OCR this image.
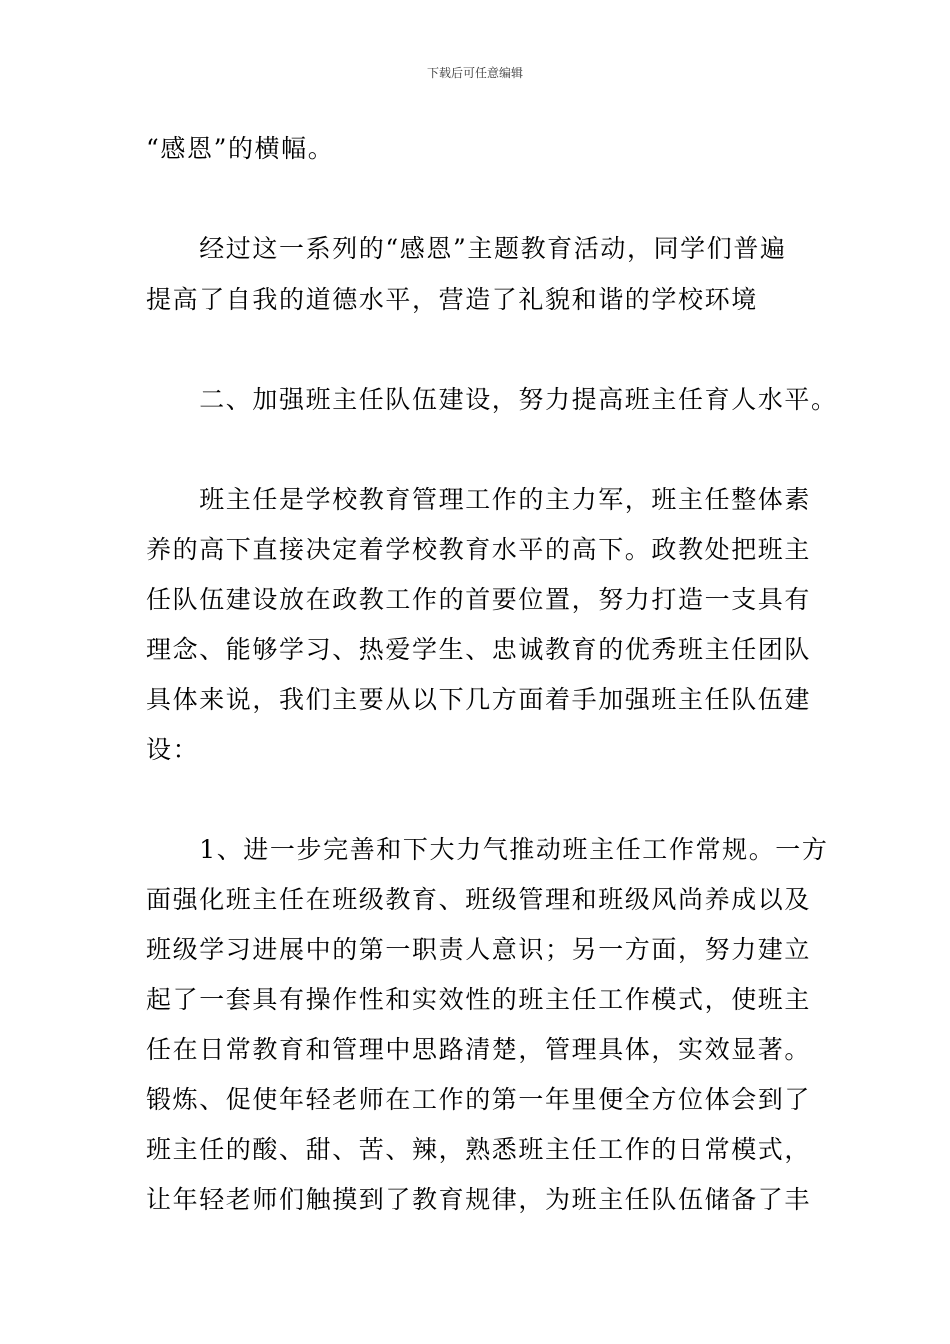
下载后可任意编辑

“感恩”的横幅。

　　经过这一系列的“感恩”主题教育活动，同学们普遍

提高了自我的道德水平，营造了礼貌和谐的学校环境

　　二、加强班主任队伍建设，努力提高班主任育人水平。

　　班主任是学校教育管理工作的主力军，班主任整体素

养的高下直接决定着学校教育水平的高下。政教处把班主

任队伍建设放在政教工作的首要位置，努力打造一支具有

理念、能够学习、热爱学生、忠诚教育的优秀班主任团队

具体来说，我们主要从以下几方面着手加强班主任队伍建

设：

　　1、进一步完善和下大力气推动班主任工作常规。一方

面强化班主任在班级教育、班级管理和班级风尚养成以及

班级学习进展中的第一职责人意识；另一方面，努力建立

起了一套具有操作性和实效性的班主任工作模式，使班主

任在日常教育和管理中思路清楚，管理具体，实效显著。

锻炼、促使年轻老师在工作的第一年里便全方位体会到了

班主任的酸、甜、苦、辣，熟悉班主任工作的日常模式，

让年轻老师们触摸到了教育规律，为班主任队伍储备了丰
